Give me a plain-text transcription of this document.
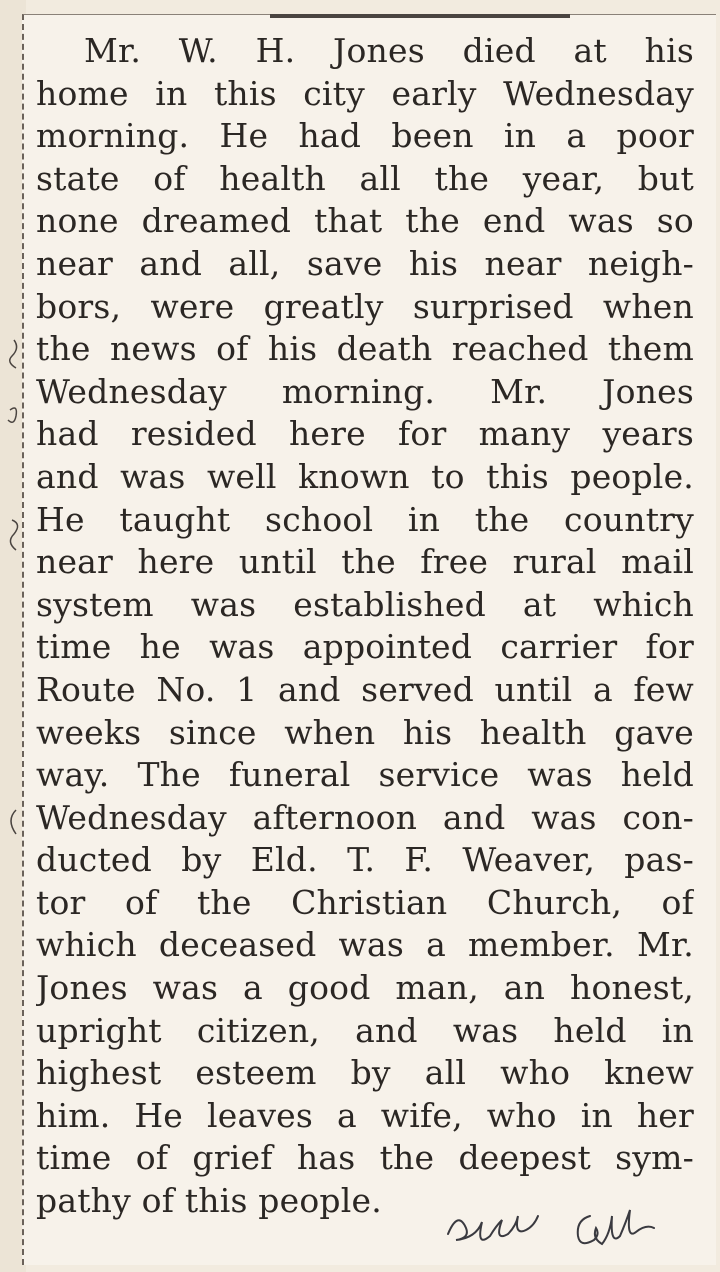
Mr. W. H. Jones died at his
home in this city early Wednesday
morning. He had been in a poor
state of health all the year, but
none dreamed that the end was so
near and all, save his near neigh-
bors, were greatly surprised when
the news of his death reached them
Wednesday morning. Mr. Jones
had resided here for many years
and was well known to this people.
He taught school in the country
near here until the free rural mail
system was established at which
time he was appointed carrier for
Route No. 1 and served until a few
weeks since when his health gave
way. The funeral service was held
Wednesday afternoon and was con-
ducted by Eld. T. F. Weaver, pas-
tor of the Christian Church, of
which deceased was a member. Mr.
Jones was a good man, an honest,
upright citizen, and was held in
highest esteem by all who knew
him. He leaves a wife, who in her
time of grief has the deepest sym-
pathy of this people.
